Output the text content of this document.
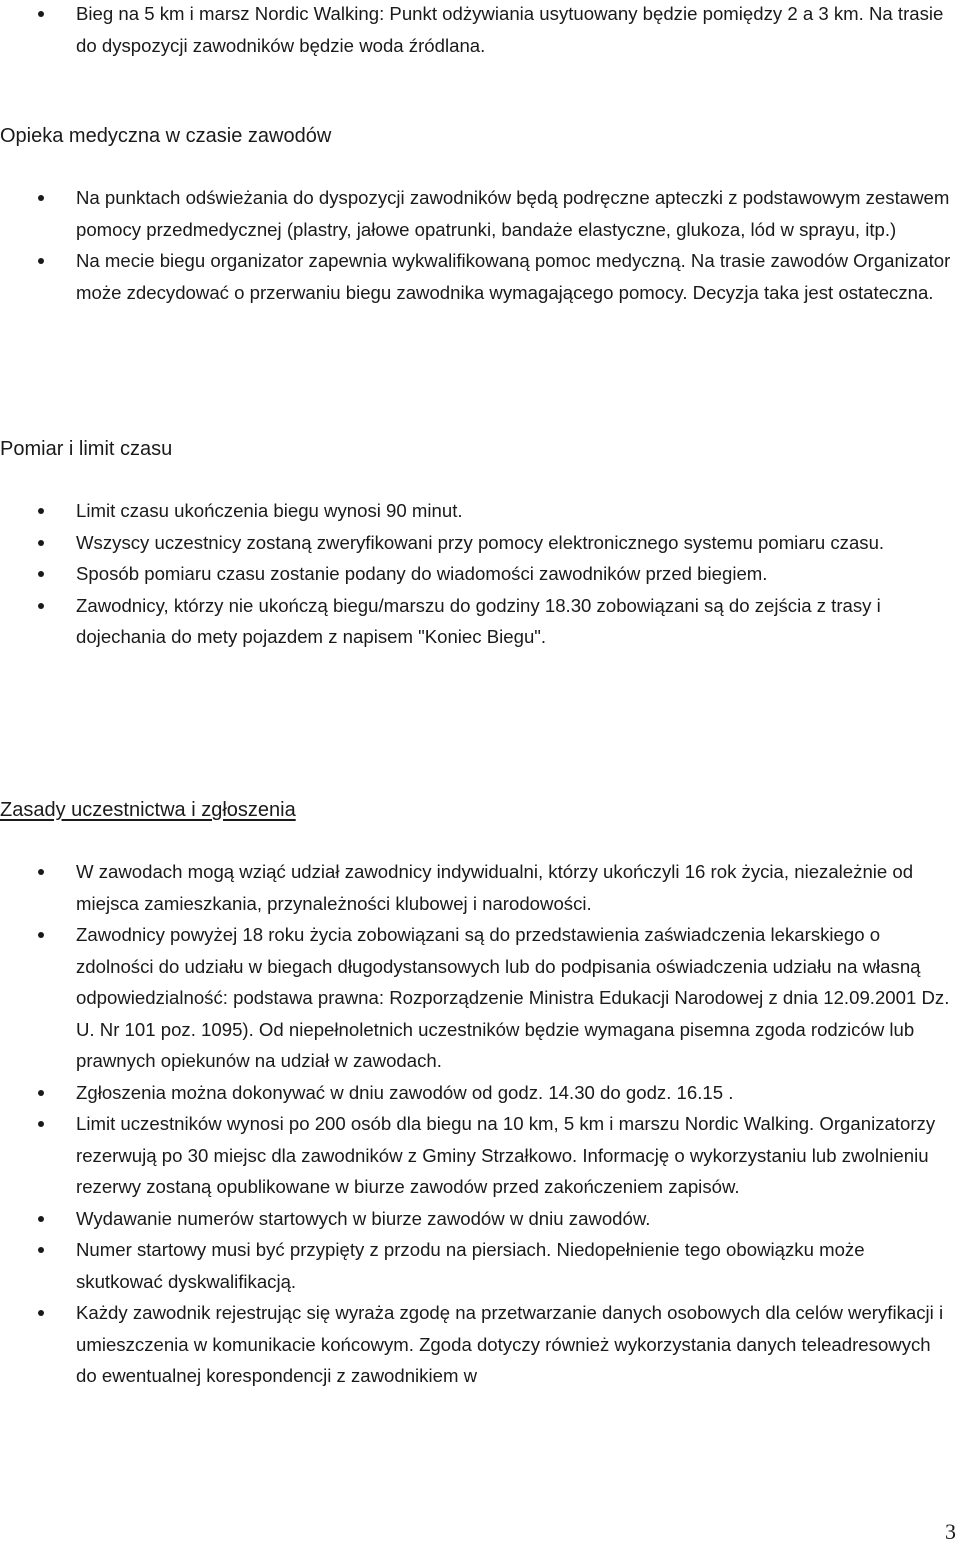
Bieg na 5 km i marsz Nordic Walking: Punkt odżywiania usytuowany będzie pomiędzy 2 a 3 km. Na trasie do dyspozycji zawodników będzie woda źródlana.
Opieka medyczna w czasie zawodów
Na punktach odświeżania do dyspozycji zawodników będą podręczne apteczki z podstawowym zestawem pomocy przedmedycznej (plastry, jałowe opatrunki, bandaże elastyczne, glukoza, lód w sprayu, itp.)
Na mecie biegu organizator zapewnia wykwalifikowaną pomoc medyczną. Na trasie zawodów Organizator może zdecydować o przerwaniu biegu zawodnika wymagającego pomocy. Decyzja taka jest ostateczna.
Pomiar i limit czasu
Limit czasu ukończenia biegu wynosi 90 minut.
Wszyscy uczestnicy zostaną zweryfikowani przy pomocy elektronicznego systemu pomiaru czasu.
Sposób pomiaru czasu zostanie podany do wiadomości zawodników przed biegiem.
Zawodnicy, którzy nie ukończą biegu/marszu do godziny 18.30 zobowiązani są do zejścia z trasy i dojechania do mety pojazdem z napisem "Koniec Biegu".
Zasady uczestnictwa i zgłoszenia
W zawodach mogą wziąć udział zawodnicy indywidualni, którzy ukończyli 16 rok życia, niezależnie od miejsca zamieszkania, przynależności klubowej i narodowości.
Zawodnicy powyżej 18 roku życia zobowiązani są do przedstawienia zaświadczenia lekarskiego o zdolności do udziału w biegach długodystansowych lub do podpisania oświadczenia udziału na własną odpowiedzialność: podstawa prawna: Rozporządzenie Ministra Edukacji Narodowej z dnia 12.09.2001 Dz. U. Nr 101 poz. 1095). Od niepełnoletnich uczestników będzie wymagana pisemna zgoda rodziców lub prawnych opiekunów na udział w zawodach.
Zgłoszenia można dokonywać w dniu zawodów od godz. 14.30 do godz. 16.15 .
Limit uczestników wynosi po 200 osób dla biegu na 10 km, 5 km i marszu Nordic Walking. Organizatorzy rezerwują po 30 miejsc dla zawodników z Gminy Strzałkowo. Informację o wykorzystaniu lub zwolnieniu rezerwy zostaną opublikowane w biurze zawodów przed zakończeniem zapisów.
Wydawanie numerów startowych w biurze zawodów w dniu zawodów.
Numer startowy musi być przypięty z przodu na piersiach. Niedopełnienie tego obowiązku może skutkować dyskwalifikacją.
Każdy zawodnik rejestrując się wyraża zgodę na przetwarzanie danych osobowych dla celów weryfikacji i umieszczenia w komunikacie końcowym. Zgoda dotyczy również wykorzystania danych teleadresowych do ewentualnej korespondencji z zawodnikiem w
3
